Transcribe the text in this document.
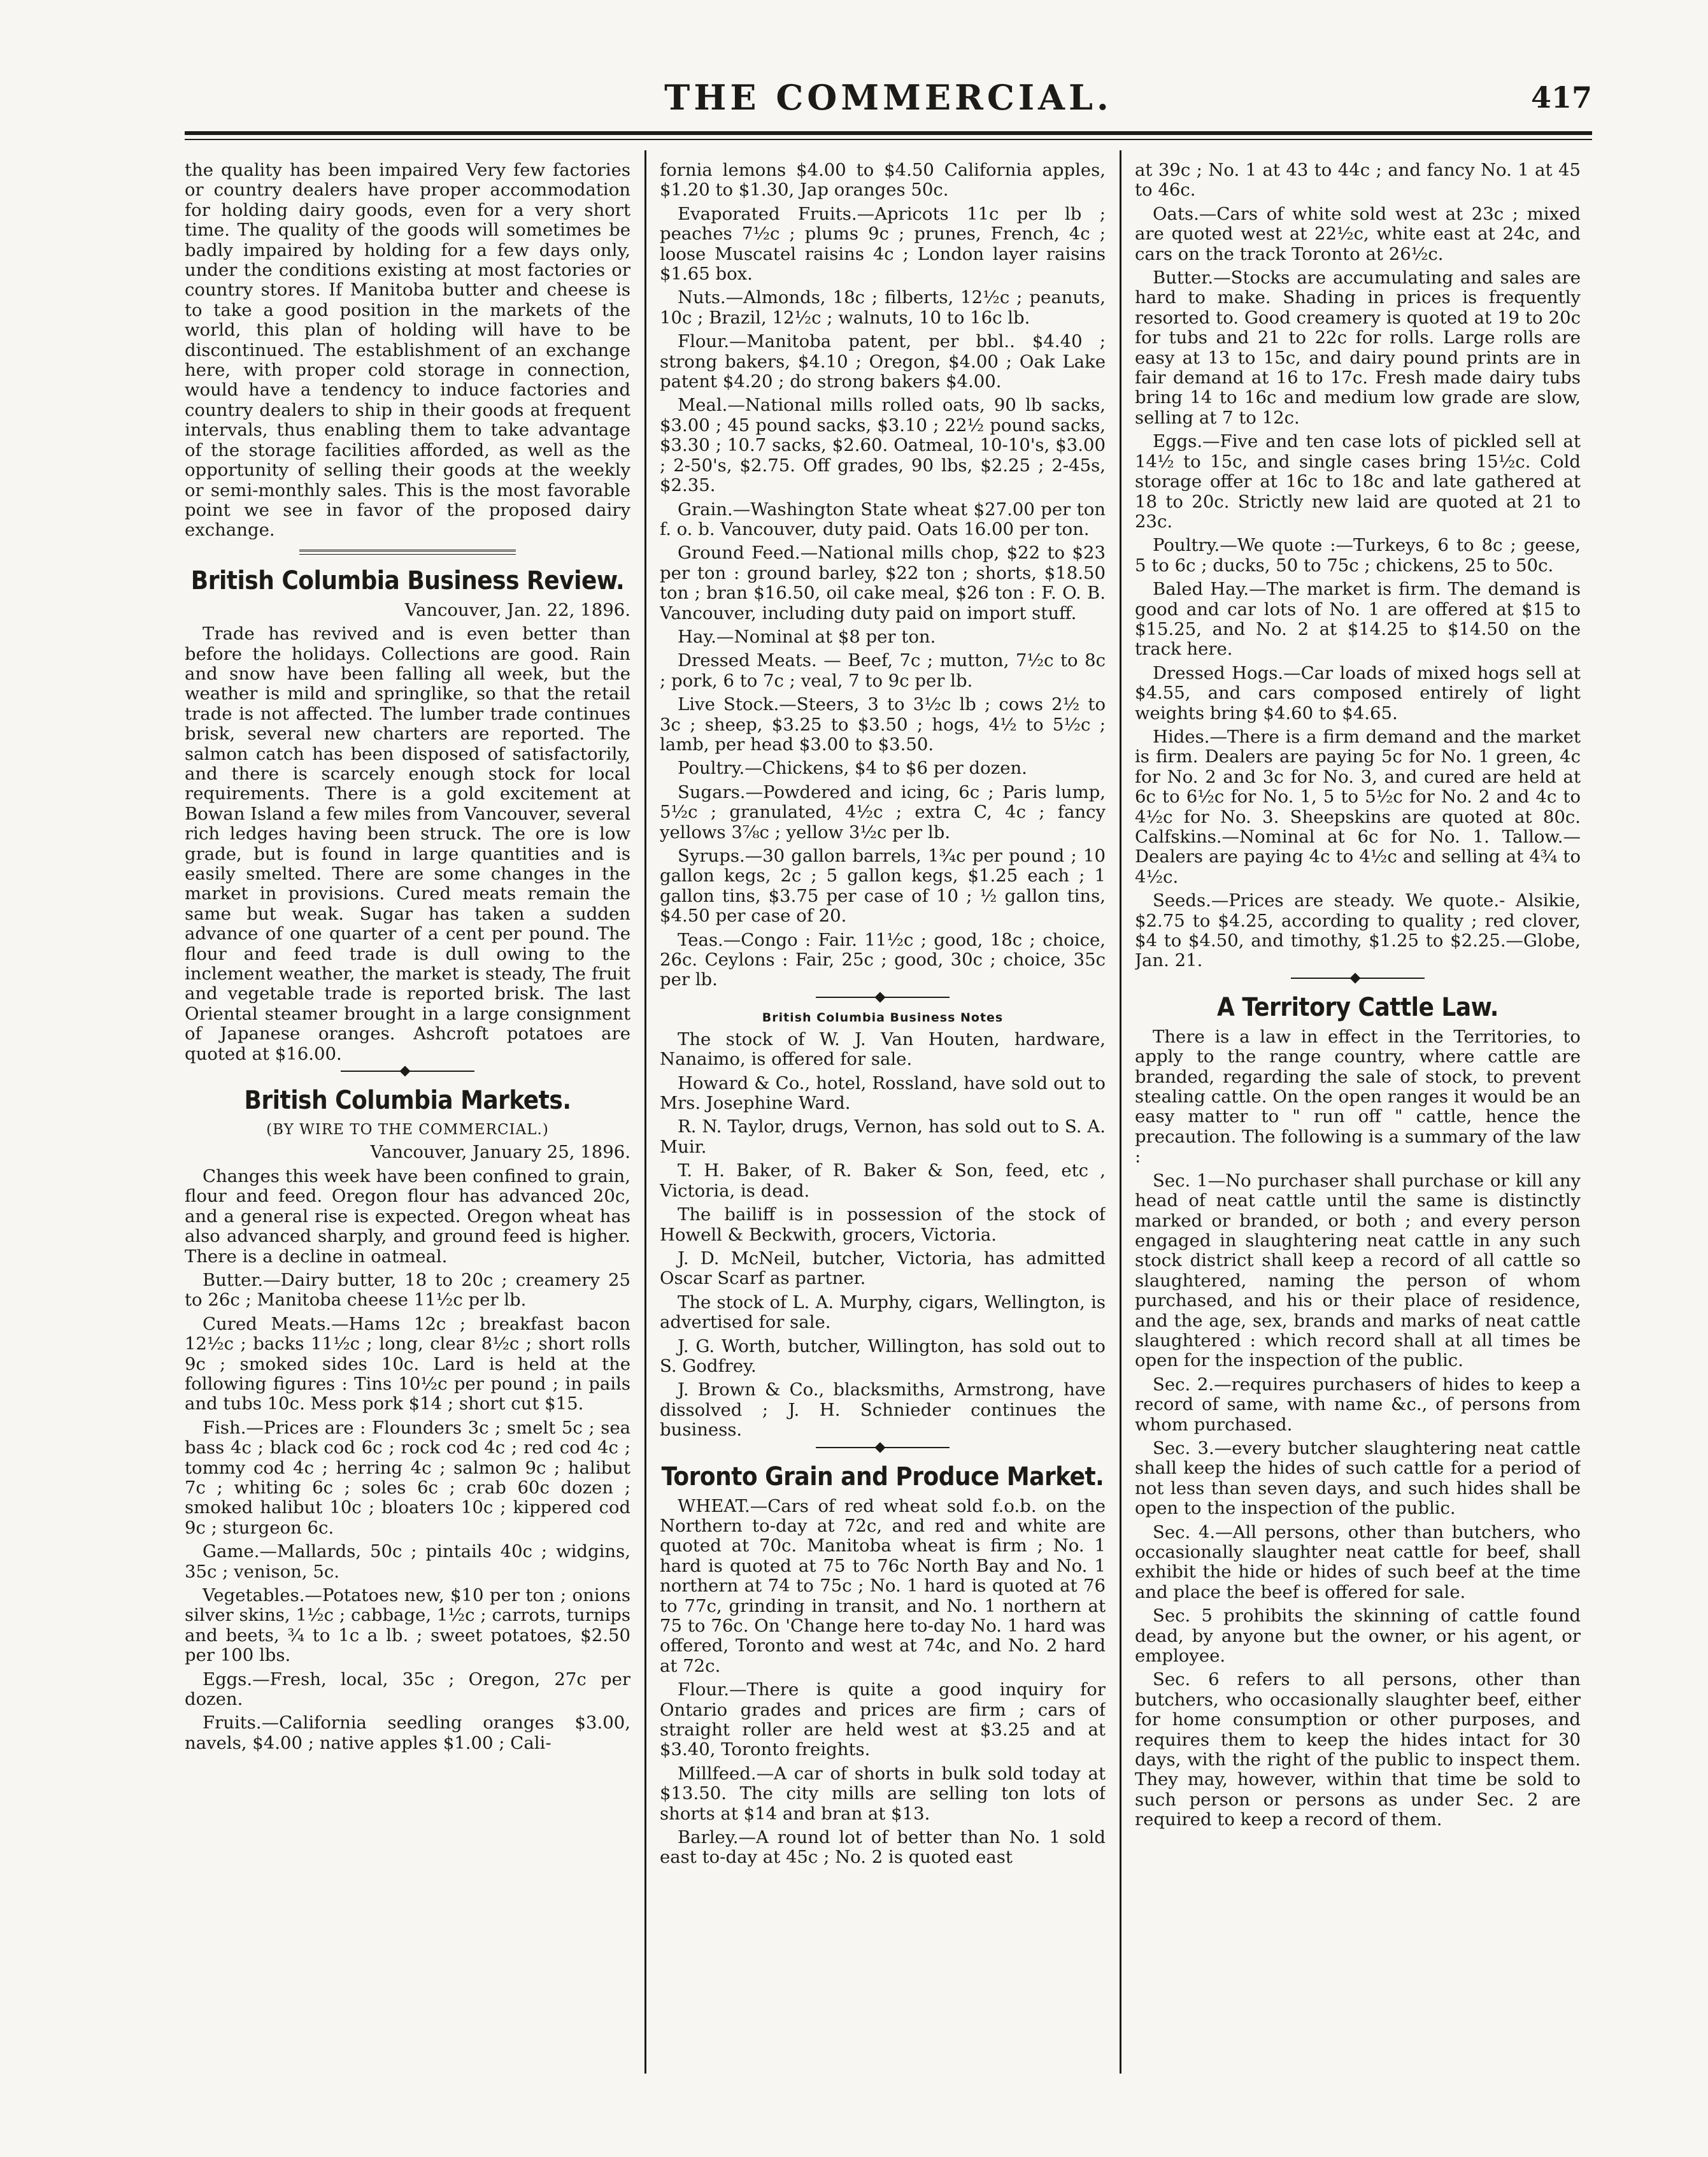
THE COMMERCIAL.	417

the quality has been impaired Very few factories or country dealers have proper accommodation for holding dairy goods, even for a very short time. The quality of the goods will sometimes be badly impaired by holding for a few days only, under the conditions existing at most factories or country stores. If Manitoba butter and cheese is to take a good position in the markets of the world, this plan of holding will have to be discontinued. The establishment of an exchange here, with proper cold storage in connection, would have a tendency to induce factories and country dealers to ship in their goods at frequent intervals, thus enabling them to take advantage of the storage facilities afforded, as well as the opportunity of selling their goods at the weekly or semi-monthly sales. This is the most favorable point we see in favor of the proposed dairy exchange.

British Columbia Business Review.
Vancouver, Jan. 22, 1896.

Trade has revived and is even better than before the holidays. Collections are good. Rain and snow have been falling all week, but the weather is mild and springlike, so that the retail trade is not affected. The lumber trade continues brisk, several new charters are reported. The salmon catch has been disposed of satisfactorily, and there is scarcely enough stock for local requirements. There is a gold excitement at Bowan Island a few miles from Vancouver, several rich ledges having been struck. The ore is low grade, but is found in large quantities and is easily smelted. There are some changes in the market in provisions. Cured meats remain the same but weak. Sugar has taken a sudden advance of one quarter of a cent per pound. The flour and feed trade is dull owing to the inclement weather, the market is steady, The fruit and vegetable trade is reported brisk. The last Oriental steamer brought in a large consignment of Japanese oranges. Ashcroft potatoes are quoted at $16.00.

British Columbia Markets.
(BY WIRE TO THE COMMERCIAL.)
Vancouver, January 25, 1896.

Changes this week have been confined to grain, flour and feed. Oregon flour has advanced 20c, and a general rise is expected. Oregon wheat has also advanced sharply, and ground feed is higher. There is a decline in oatmeal.

Butter.—Dairy butter, 18 to 20c ; creamery 25 to 26c ; Manitoba cheese 11½c per lb.

Cured Meats.—Hams 12c ; breakfast bacon 12½c ; backs 11½c ; long, clear 8½c ; short rolls 9c ; smoked sides 10c. Lard is held at the following figures : Tins 10½c per pound ; in pails and tubs 10c. Mess pork $14 ; short cut $15.

Fish.—Prices are : Flounders 3c ; smelt 5c ; sea bass 4c ; black cod 6c ; rock cod 4c ; red cod 4c ; tommy cod 4c ; herring 4c ; salmon 9c ; halibut 7c ; whiting 6c ; soles 6c ; crab 60c dozen ; smoked halibut 10c ; bloaters 10c ; kippered cod 9c ; sturgeon 6c.

Game.—Mallards, 50c ; pintails 40c ; widgins, 35c ; venison, 5c.

Vegetables.—Potatoes new, $10 per ton ; onions silver skins, 1½c ; cabbage, 1½c ; carrots, turnips and beets, ¾ to 1c a lb. ; sweet potatoes, $2.50 per 100 lbs.

Eggs.—Fresh, local, 35c ; Oregon, 27c per dozen.

Fruits.—California seedling oranges $3.00, navels, $4.00 ; native apples $1.00 ; Cali-

fornia lemons $4.00 to $4.50 California apples, $1.20 to $1.30, Jap oranges 50c.

Evaporated Fruits.—Apricots 11c per lb ; peaches 7½c ; plums 9c ; prunes, French, 4c ; loose Muscatel raisins 4c ; London layer raisins $1.65 box.

Nuts.—Almonds, 18c ; filberts, 12½c ; peanuts, 10c ; Brazil, 12½c ; walnuts, 10 to 16c lb.

Flour.—Manitoba patent, per bbl.. $4.40 ; strong bakers, $4.10 ; Oregon, $4.00 ; Oak Lake patent $4.20 ; do strong bakers $4.00.

Meal.—National mills rolled oats, 90 lb sacks, $3.00 ; 45 pound sacks, $3.10 ; 22½ pound sacks, $3.30 ; 10.7 sacks, $2.60. Oatmeal, 10-10's, $3.00 ; 2-50's, $2.75. Off grades, 90 lbs, $2.25 ; 2-45s, $2.35.

Grain.—Washington State wheat $27.00 per ton f. o. b. Vancouver, duty paid. Oats 16.00 per ton.

Ground Feed.—National mills chop, $22 to $23 per ton : ground barley, $22 ton ; shorts, $18.50 ton ; bran $16.50, oil cake meal, $26 ton : F. O. B. Vancouver, including duty paid on import stuff.

Hay.—Nominal at $8 per ton.

Dressed Meats. — Beef, 7c ; mutton, 7½c to 8c ; pork, 6 to 7c ; veal, 7 to 9c per lb.

Live Stock.—Steers, 3 to 3½c lb ; cows 2½ to 3c ; sheep, $3.25 to $3.50 ; hogs, 4½ to 5½c ; lamb, per head $3.00 to $3.50.

Poultry.—Chickens, $4 to $6 per dozen.

Sugars.—Powdered and icing, 6c ; Paris lump, 5½c ; granulated, 4½c ; extra C, 4c ; fancy yellows 3⅞c ; yellow 3½c per lb.

Syrups.—30 gallon barrels, 1¾c per pound ; 10 gallon kegs, 2c ; 5 gallon kegs, $1.25 each ; 1 gallon tins, $3.75 per case of 10 ; ½ gallon tins, $4.50 per case of 20.

Teas.—Congo : Fair. 11½c ; good, 18c ; choice, 26c. Ceylons : Fair, 25c ; good, 30c ; choice, 35c per lb.

British Columbia Business Notes

The stock of W. J. Van Houten, hardware, Nanaimo, is offered for sale.

Howard & Co., hotel, Rossland, have sold out to Mrs. Josephine Ward.

R. N. Taylor, drugs, Vernon, has sold out to S. A. Muir.

T. H. Baker, of R. Baker & Son, feed, etc , Victoria, is dead.

The bailiff is in possession of the stock of Howell & Beckwith, grocers, Victoria.

J. D. McNeil, butcher, Victoria, has admitted Oscar Scarf as partner.

The stock of L. A. Murphy, cigars, Wellington, is advertised for sale.

J. G. Worth, butcher, Willington, has sold out to S. Godfrey.

J. Brown & Co., blacksmiths, Armstrong, have dissolved ; J. H. Schnieder continues the business.

Toronto Grain and Produce Market.

WHEAT.—Cars of red wheat sold f.o.b. on the Northern to-day at 72c, and red and white are quoted at 70c. Manitoba wheat is firm ; No. 1 hard is quoted at 75 to 76c North Bay and No. 1 northern at 74 to 75c ; No. 1 hard is quoted at 76 to 77c, grinding in transit, and No. 1 northern at 75 to 76c. On 'Change here to-day No. 1 hard was offered, Toronto and west at 74c, and No. 2 hard at 72c.

Flour.—There is quite a good inquiry for Ontario grades and prices are firm ; cars of straight roller are held west at $3.25 and at $3.40, Toronto freights.

Millfeed.—A car of shorts in bulk sold today at $13.50. The city mills are selling ton lots of shorts at $14 and bran at $13.

Barley.—A round lot of better than No. 1 sold east to-day at 45c ; No. 2 is quoted east

at 39c ; No. 1 at 43 to 44c ; and fancy No. 1 at 45 to 46c.

Oats.—Cars of white sold west at 23c ; mixed are quoted west at 22½c, white east at 24c, and cars on the track Toronto at 26½c.

Butter.—Stocks are accumulating and sales are hard to make. Shading in prices is frequently resorted to. Good creamery is quoted at 19 to 20c for tubs and 21 to 22c for rolls. Large rolls are easy at 13 to 15c, and dairy pound prints are in fair demand at 16 to 17c. Fresh made dairy tubs bring 14 to 16c and medium low grade are slow, selling at 7 to 12c.

Eggs.—Five and ten case lots of pickled sell at 14½ to 15c, and single cases bring 15½c. Cold storage offer at 16c to 18c and late gathered at 18 to 20c. Strictly new laid are quoted at 21 to 23c.

Poultry.—We quote :—Turkeys, 6 to 8c ; geese, 5 to 6c ; ducks, 50 to 75c ; chickens, 25 to 50c.

Baled Hay.—The market is firm. The demand is good and car lots of No. 1 are offered at $15 to $15.25, and No. 2 at $14.25 to $14.50 on the track here.

Dressed Hogs.—Car loads of mixed hogs sell at $4.55, and cars composed entirely of light weights bring $4.60 to $4.65.

Hides.—There is a firm demand and the market is firm. Dealers are paying 5c for No. 1 green, 4c for No. 2 and 3c for No. 3, and cured are held at 6c to 6½c for No. 1, 5 to 5½c for No. 2 and 4c to 4½c for No. 3. Sheepskins are quoted at 80c. Calfskins.—Nominal at 6c for No. 1. Tallow.—Dealers are paying 4c to 4½c and selling at 4¾ to 4½c.

Seeds.—Prices are steady. We quote.- Alsikie, $2.75 to $4.25, according to quality ; red clover, $4 to $4.50, and timothy, $1.25 to $2.25.—Globe, Jan. 21.

A Territory Cattle Law.

There is a law in effect in the Territories, to apply to the range country, where cattle are branded, regarding the sale of stock, to prevent stealing cattle. On the open ranges it would be an easy matter to " run off " cattle, hence the precaution. The following is a summary of the law :

Sec. 1—No purchaser shall purchase or kill any head of neat cattle until the same is distinctly marked or branded, or both ; and every person engaged in slaughtering neat cattle in any such stock district shall keep a record of all cattle so slaughtered, naming the person of whom purchased, and his or their place of residence, and the age, sex, brands and marks of neat cattle slaughtered : which record shall at all times be open for the inspection of the public.

Sec. 2.—requires purchasers of hides to keep a record of same, with name &c., of persons from whom purchased.

Sec. 3.—every butcher slaughtering neat cattle shall keep the hides of such cattle for a period of not less than seven days, and such hides shall be open to the inspection of the public.

Sec. 4.—All persons, other than butchers, who occasionally slaughter neat cattle for beef, shall exhibit the hide or hides of such beef at the time and place the beef is offered for sale.

Sec. 5 prohibits the skinning of cattle found dead, by anyone but the owner, or his agent, or employee.

Sec. 6 refers to all persons, other than butchers, who occasionally slaughter beef, either for home consumption or other purposes, and requires them to keep the hides intact for 30 days, with the right of the public to inspect them. They may, however, within that time be sold to such person or persons as under Sec. 2 are required to keep a record of them.
